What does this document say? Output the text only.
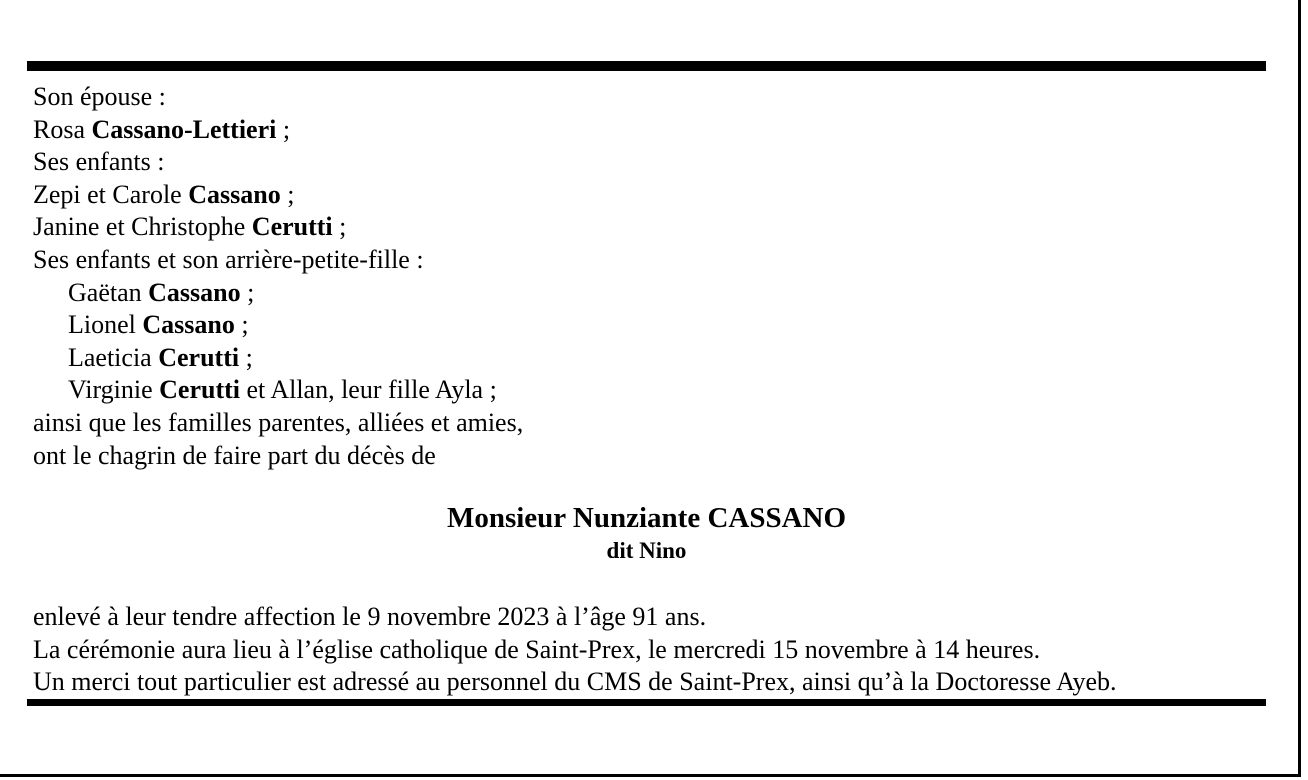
Son épouse :
Rosa Cassano-Lettieri ;
Ses enfants :
Zepi et Carole Cassano ;
Janine et Christophe Cerutti ;
Ses enfants et son arrière-petite-fille :
Gaëtan Cassano ;
Lionel Cassano ;
Laeticia Cerutti ;
Virginie Cerutti et Allan, leur fille Ayla ;
ainsi que les familles parentes, alliées et amies,
ont le chagrin de faire part du décès de

Monsieur Nunziante CASSANO

dit Nino

enlevé à leur tendre affection le 9 novembre 2023 à l’âge 91 ans.
La cérémonie aura lieu à l’église catholique de Saint-Prex, le mercredi 15 novembre à 14 heures.
Un merci tout particulier est adressé au personnel du CMS de Saint-Prex, ainsi qu’à la Doctoresse Ayeb.
